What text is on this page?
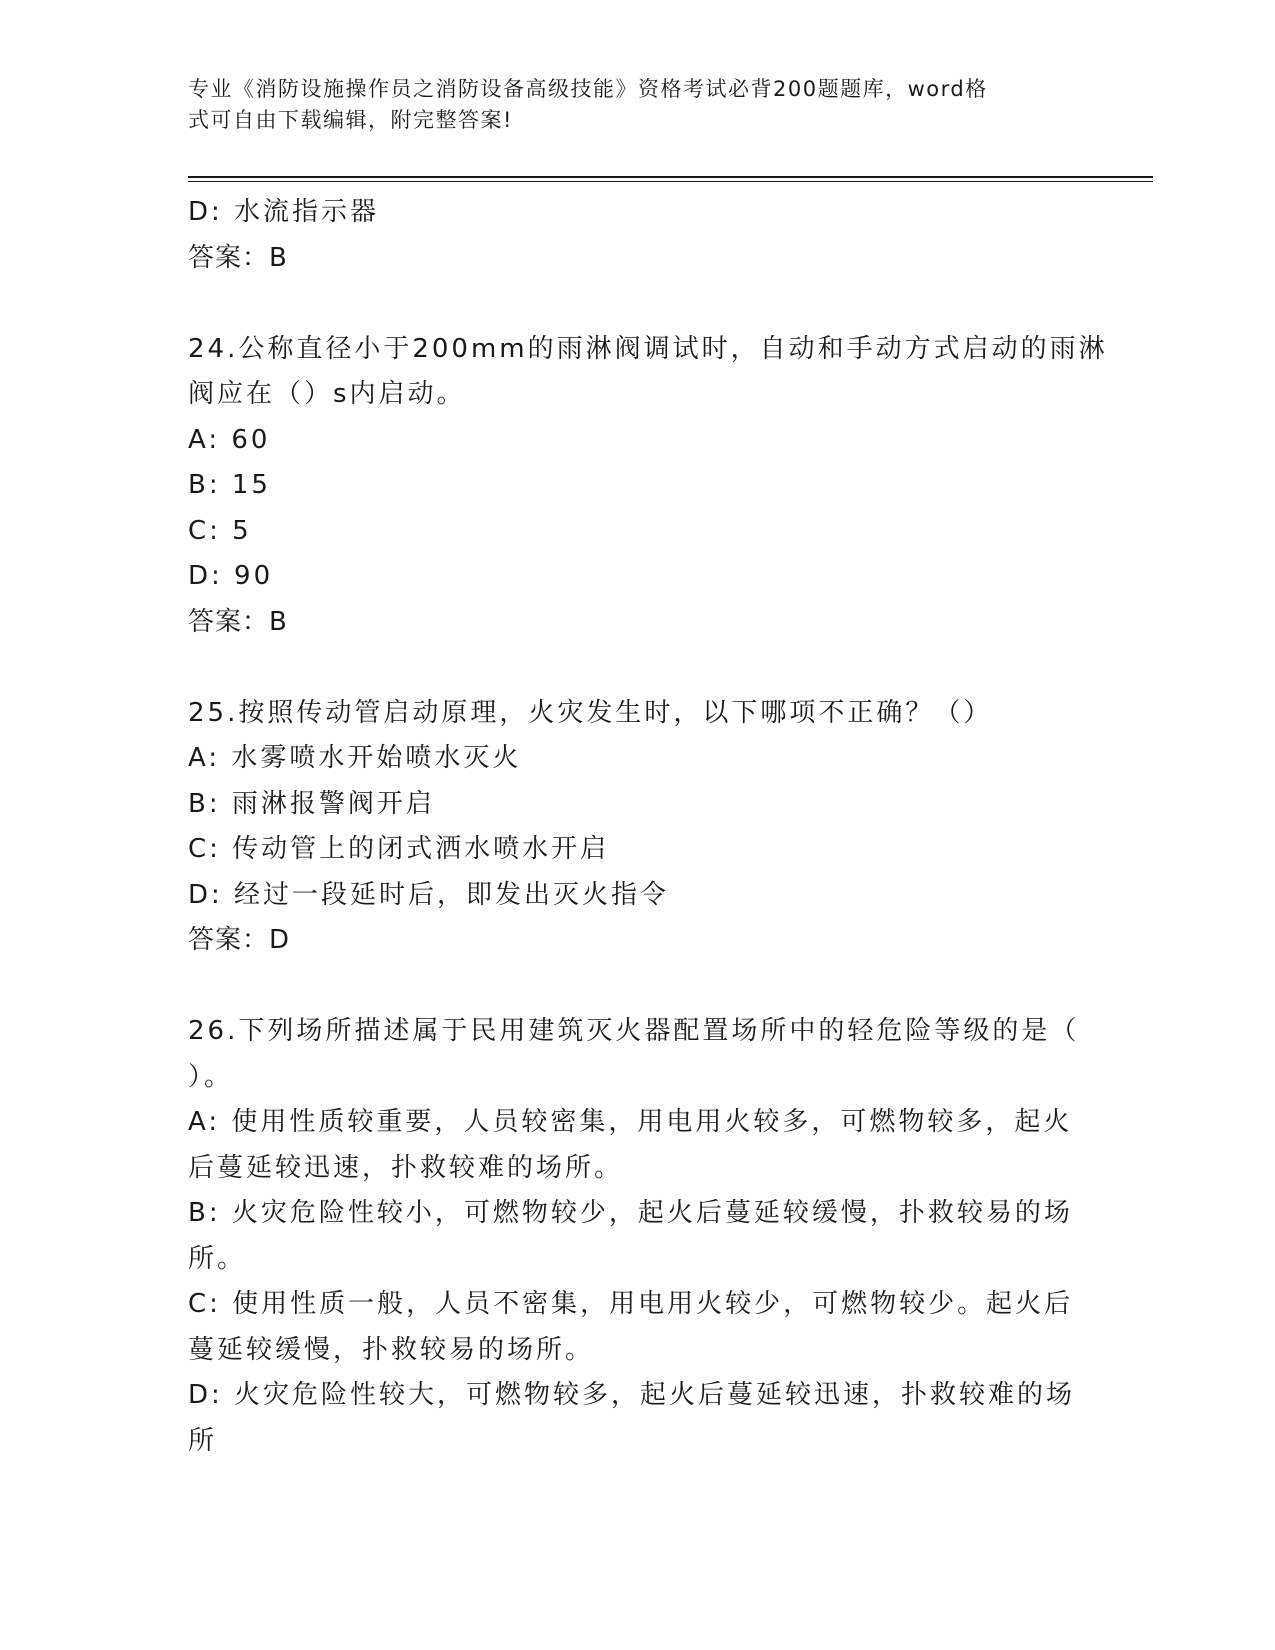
专业《消防设施操作员之消防设备高级技能》资格考试必背200题题库，word格
式可自由下载编辑，附完整答案!
D: 水流指示器
答案：B
24.公称直径小于200mm的雨淋阀调试时，自动和手动方式启动的雨淋
阀应在（）s内启动。
A: 60
B: 15
C: 5
D: 90
答案：B
25.按照传动管启动原理，火灾发生时，以下哪项不正确？（）
A: 水雾喷水开始喷水灭火
B: 雨淋报警阀开启
C: 传动管上的闭式洒水喷水开启
D: 经过一段延时后，即发出灭火指令
答案：D
26.下列场所描述属于民用建筑灭火器配置场所中的轻危险等级的是（
）。
A: 使用性质较重要，人员较密集，用电用火较多，可燃物较多，起火
后蔓延较迅速，扑救较难的场所。
B: 火灾危险性较小，可燃物较少，起火后蔓延较缓慢，扑救较易的场
所。
C: 使用性质一般，人员不密集，用电用火较少，可燃物较少。起火后
蔓延较缓慢，扑救较易的场所。
D: 火灾危险性较大，可燃物较多，起火后蔓延较迅速，扑救较难的场
所
